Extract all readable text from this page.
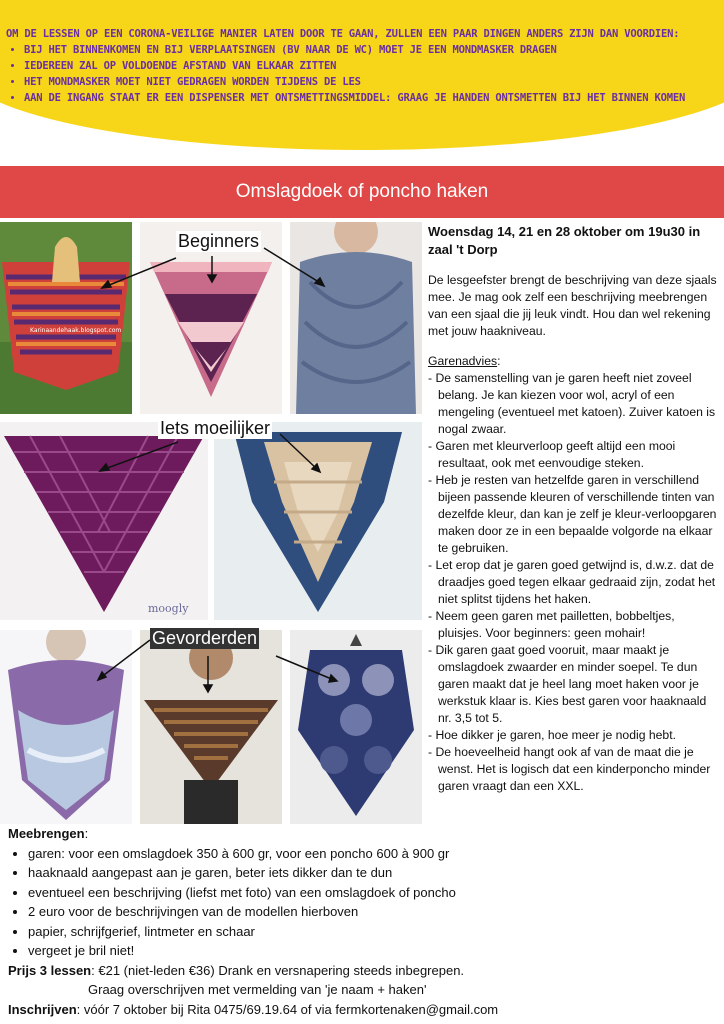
OM DE LESSEN OP EEN CORONA-VEILIGE MANIER LATEN DOOR TE GAAN, ZULLEN EEN PAAR DINGEN ANDERS ZIJN DAN VOORDIEN:
• BIJ HET BINNENKOMEN EN BIJ VERPLAATSINGEN (BV NAAR DE WC) MOET JE EEN MONDMASKER DRAGEN
• IEDEREEN ZAL OP VOLDOENDE AFSTAND VAN ELKAAR ZITTEN
• HET MONDMASKER MOET NIET GEDRAGEN WORDEN TIJDENS DE LES
• AAN DE INGANG STAAT ER EEN DISPENSER MET ONTSMETTINGSMIDDEL: GRAAG JE HANDEN ONTSMETTEN BIJ HET BINNEN KOMEN
Omslagdoek of poncho haken
Karinaandehaak.blogspot.com
Beginners
moogly
Iets moeilijker
Gevorderden

Woensdag 14, 21 en 28 oktober om 19u30 in zaal 't Dorp

De lesgeefster brengt de beschrijving van deze sjaals mee. Je mag ook zelf een beschrijving meebrengen van een sjaal die jij leuk vindt. Hou dan wel rekening met jouw haakniveau.

Garenadvies:
- De samenstelling van je garen heeft niet zoveel belang. Je kan kiezen voor wol, acryl of een mengeling (eventueel met katoen). Zuiver katoen is nogal zwaar.
- Garen met kleurverloop geeft altijd een mooi resultaat, ook met eenvoudige steken.
- Heb je resten van hetzelfde garen in verschillend bijeen passende kleuren of verschillende tinten van dezelfde kleur, dan kan je zelf je kleur-verloopgaren maken door ze in een bepaalde volgorde na elkaar te gebruiken.
- Let erop dat je garen goed getwijnd is, d.w.z. dat de draadjes goed tegen elkaar gedraaid zijn, zodat het niet splitst tijdens het haken.
- Neem geen garen met pailletten, bobbeltjes, pluisjes. Voor beginners: geen mohair!
- Dik garen gaat goed vooruit, maar maakt je omslagdoek zwaarder en minder soepel. Te dun garen maakt dat je heel lang moet haken voor je werkstuk klaar is. Kies best garen voor haaknaald nr. 3,5 tot 5.
- Hoe dikker je garen, hoe meer je nodig hebt.
- De hoeveelheid hangt ook af van de maat die je wenst. Het is logisch dat een kinderponcho minder garen vraagt dan een XXL.
Meebrengen:
• garen: voor een omslagdoek 350 à 600 gr, voor een poncho 600 à 900 gr
• haaknaald aangepast aan je garen, beter iets dikker dan te dun
• eventueel een beschrijving (liefst met foto) van een omslagdoek of poncho
• 2 euro voor de beschrijvingen van de modellen hierboven
• papier, schrijfgerief, lintmeter en schaar
• vergeet je bril niet!
Prijs 3 lessen: €21 (niet-leden €36) Drank en versnapering steeds inbegrepen.
Graag overschrijven met vermelding van 'je naam + haken'
Inschrijven: vóór 7 oktober bij Rita 0475/69.19.64 of via fermkortenaken@gmail.com
